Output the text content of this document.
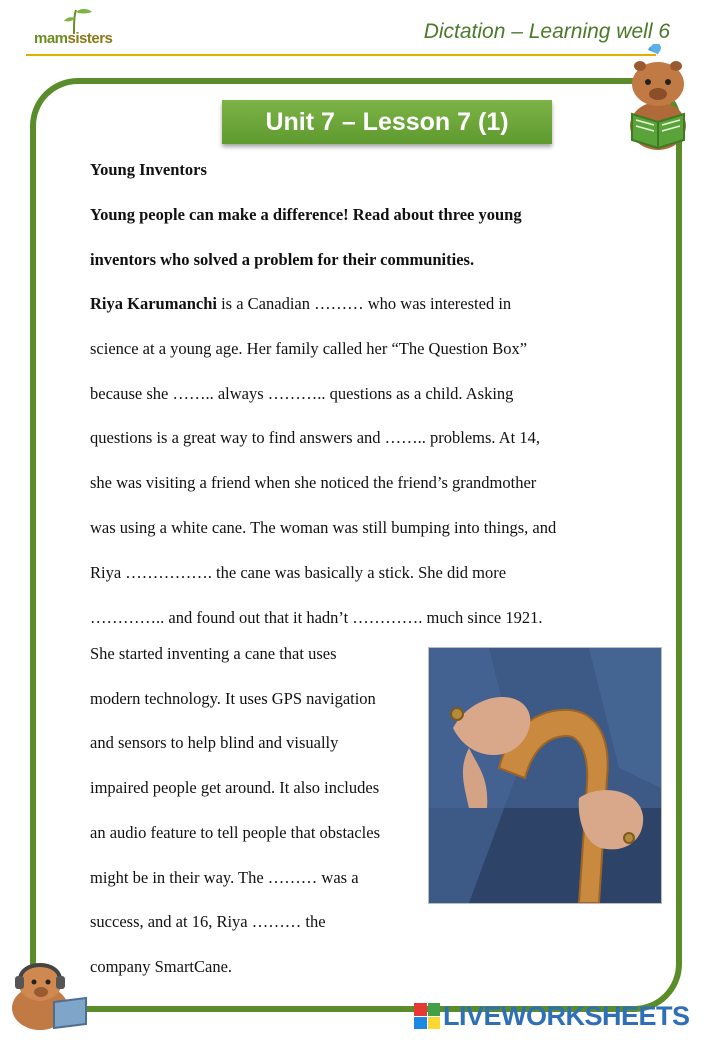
mamsisters	Dictation – Learning well 6
Unit 7 – Lesson 7 (1)
Young Inventors
Young people can make a difference! Read about three young
inventors who solved a problem for their communities.
Riya Karumanchi is a Canadian ……… who was interested in
science at a young age. Her family called her “The Question Box”
because she …….. always ……….. questions as a child. Asking
questions is a great way to find answers and …….. problems. At 14,
she was visiting a friend when she noticed the friend’s grandmother
was using a white cane. The woman was still bumping into things, and
Riya ……………. the cane was basically a stick. She did more
………….. and found out that it hadn’t …………. much since 1921.
She started inventing a cane that uses
modern technology. It uses GPS navigation
and sensors to help blind and visually
impaired people get around. It also includes
an audio feature to tell people that obstacles
might be in their way. The ……… was a
success, and at 16, Riya ……… the
company SmartCane.
LIVEWORKSHEETS
